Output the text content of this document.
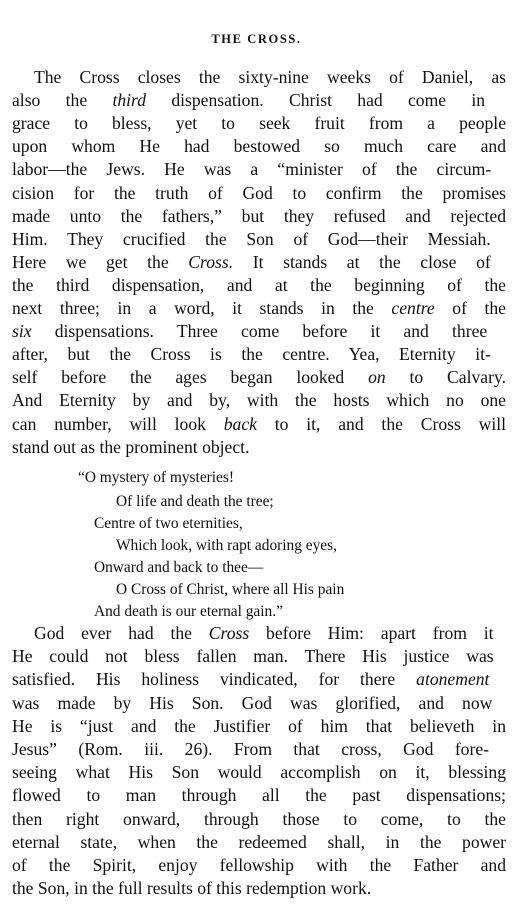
THE CROSS.
The Cross closes the sixty-nine weeks of Daniel, as
also the third dispensation. Christ had come in
grace to bless, yet to seek fruit from a people
upon whom He had bestowed so much care and
labor—the Jews. He was a “minister of the circum-
cision for the truth of God to confirm the promises
made unto the fathers,” but they refused and rejected
Him. They crucified the Son of God—their Messiah.
Here we get the Cross. It stands at the close of
the third dispensation, and at the beginning of the
next three; in a word, it stands in the centre of the
six dispensations. Three come before it and three
after, but the Cross is the centre. Yea, Eternity it-
self before the ages began looked on to Calvary.
And Eternity by and by, with the hosts which no one
can number, will look back to it, and the Cross will
stand out as the prominent object.
“O mystery of mysteries!
Of life and death the tree;
Centre of two eternities,
Which look, with rapt adoring eyes,
Onward and back to thee—
O Cross of Christ, where all His pain
And death is our eternal gain.”
God ever had the Cross before Him: apart from it
He could not bless fallen man. There His justice was
satisfied. His holiness vindicated, for there atonement
was made by His Son. God was glorified, and now
He is “just and the Justifier of him that believeth in
Jesus” (Rom. iii. 26). From that cross, God fore-
seeing what His Son would accomplish on it, blessing
flowed to man through all the past dispensations;
then right onward, through those to come, to the
eternal state, when the redeemed shall, in the power
of the Spirit, enjoy fellowship with the Father and
the Son, in the full results of this redemption work.
